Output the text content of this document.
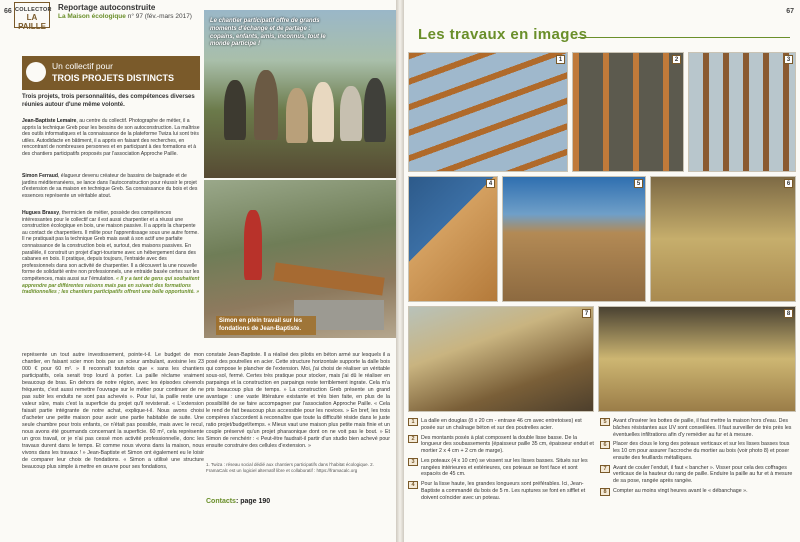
66 COLLECTOR
LA PAILLE
Reportage autoconstruite
La Maison écologique n° 97 (fév.-mars 2017)
Le chantier participatif offre de grands moments d'échange et de partage : copains, enfants, amis, inconnus, tout le monde participe !
Simon en plein travail sur les fondations de Jean-Baptiste.
Un collectif pour
TROIS PROJETS DISTINCTS
Trois projets, trois personnalités, des compétences diverses réunies autour d'une même volonté.
Jean-Baptiste Lemaire, au centre du collectif. Photographe de métier, il a appris la technique Greb pour les besoins de son autoconstruction. La maîtrise des outils informatiques et la connaissance de la plateforme Twiza lui sont très utiles. Autodidacte en bâtiment, il a appris en faisant des recherches, en rencontrant de nombreuses personnes et en participant à des formations et à des chantiers participatifs proposés par l'association Approche Paille.
Simon Ferraud, élagueur devenu créateur de bassins de baignade et de jardins méditerranéens, se lance dans l'autoconstruction pour réussir le projet d'extension de sa maison en technique Greb. Sa connaissance du bois et des essences représente un véritable atout.
Hugues Brassy, thermicien de métier, possède des compétences intéressantes pour le collectif car il est aussi charpentier et a réussi une construction écologique en bois, une maison passive. Il a appris la charpente au contact de charpentiers. Il milite pour l'apprentissage sous une autre forme. Il ne pratiquait pas la technique Greb mais avait à son actif une parfaite connaissance de la construction bois et, surtout, des maisons passives. En parallèle, il construit un projet d'agri-tourisme avec un hébergement dans des cabanes en bois. Il pratique, depuis toujours, l'entraide avec des professionnels dans son activité de charpentier. Il a découvert la une nouvelle forme de solidarité entre non professionnels, une entraide basée certes sur les compétences, mais aussi sur l'émulation. « Il y a tant de gens qui souhaitent apprendre par différentes raisons mais pas en suivant des formations traditionnelles ; les chantiers participatifs offrent une belle opportunité. »
représente un tout autre investissement, pointe-t-il. Le budget de mon chantier, en faisant scier mon bois par un scieur ambulant, avoisine les 23 000 € pour 60 m². » Il reconnaît toutefois que « sans les chantiers participatifs, cela serait trop lourd à porter. La paille réclame vraiment beaucoup de bras. En dehors de notre région, avec les épisodes cévenols fréquents, c'est aussi remettre l'ouvrage sur le métier pour continuer de ne pas subir les enduits ne sont pas achevés ». Pour lui, la paille reste une valeur sûre, mais c'est la superficie du projet qu'il revisterait. « L'extension faisait partie intégrante de notre achat, explique-t-il. Nous avons choisi d'acheter une petite maison pour avoir une partie habitable de suite. Une seule chambre pour trois enfants, ce n'était pas possible, mais avec le recul, nous avons été gourmands concernant la superficie. 60 m², cela représente un gros travail, or je n'ai pas cessé mon activité professionnelle, donc les travaux durent dans le temps. Et comme nous vivons dans la maison, nous vivons dans les travaux ! » Jean-Baptiste et Simon ont également eu le loisir de comparer leur choix de fondations. « Simon a utilisé une structure beaucoup plus simple à mettre en œuvre pour ses fondations,
constate Jean-Baptiste. Il a réalisé des pilotis en béton armé sur lesquels il a posé des poutrelles en acier. Cette structure horizontale supporte la dalle bois qui compose le plancher de l'extension. Moi, j'ai choisi de réaliser un véritable sous-sol, fermé. Certes très pratique pour stocker, mais j'ai dû le réaliser en parpaings et la construction en parpaings reste terriblement ingrate. Cela m'a pris beaucoup plus de temps. » La construction Greb présente un grand avantage : une vaste littérature existante et très bien faite, en plus de la possibilité de se faire accompagner par l'association Approche Paille. « Cela le rend de fait beaucoup plus accessible pour les novices. » En bref, les trois compères s'accordent à reconnaître que toute la difficulté réside dans le juste ratio projet/budget/temps. « Mieux vaut une maison plus petite mais finie et un couple préservé qu'un projet pharaonique dont on ne voit pas le bout. » Et Simon de renchérir : « Peut-être faudrait-il partir d'un studio bien achevé pour ensuite construire des cellules d'extension. »
1. Twiza : réseau social dédié aux chantiers participatifs dans l'habitat écologique. 2. FramaCalc est un logiciel alternatif libre et collaboratif : https://framacalc.org
Contacts: page 190
67
Les travaux en images
1	2	3
4	5	6
7	8
1	La dalle en douglas (8 x 20 cm - entraxe 46 cm avec entretoises) est posée sur un chaînage béton et sur des poutrelles acier.
2	Des montants posés à plat composent la double lisse basse. De la longueur des soubassements (épaisseur paille 35 cm, épaisseur enduit et mortier 2 x 4 cm + 2 cm de marge).
3	Les poteaux (4 x 10 cm) se vissent sur les lisses basses. Situés sur les rangées intérieures et extérieures, ces poteaux se font face et sont espacés de 45 cm.
4	Pour la lisse haute, les grandes longueurs sont préférables. Ici, Jean-Baptiste a commandé du bois de 5 m. Les ruptures se font en sifflet et doivent coïncider avec un poteau.
5	Avant d'insérer les bottes de paille, il faut mettre la maison hors d'eau. Des bâches résistantes aux UV sont conseillées. Il faut surveiller de très près les éventuelles infiltrations afin d'y remédier au fur et à mesure.
6	Placer des clous le long des poteaux verticaux et sur les lisses basses tous les 10 cm pour assurer l'accroche du mortier au bois (voir photo 8) et poser ensuite des feuillards métalliques.
7	Avant de couler l'enduit, il faut « bancher ». Visser pour cela des coffrages verticaux de la hauteur du rang de paille. Enduire la paille au fur et à mesure de sa pose, rangée après rangée.
8	Compter au moins vingt heures avant le « débanchage ».
